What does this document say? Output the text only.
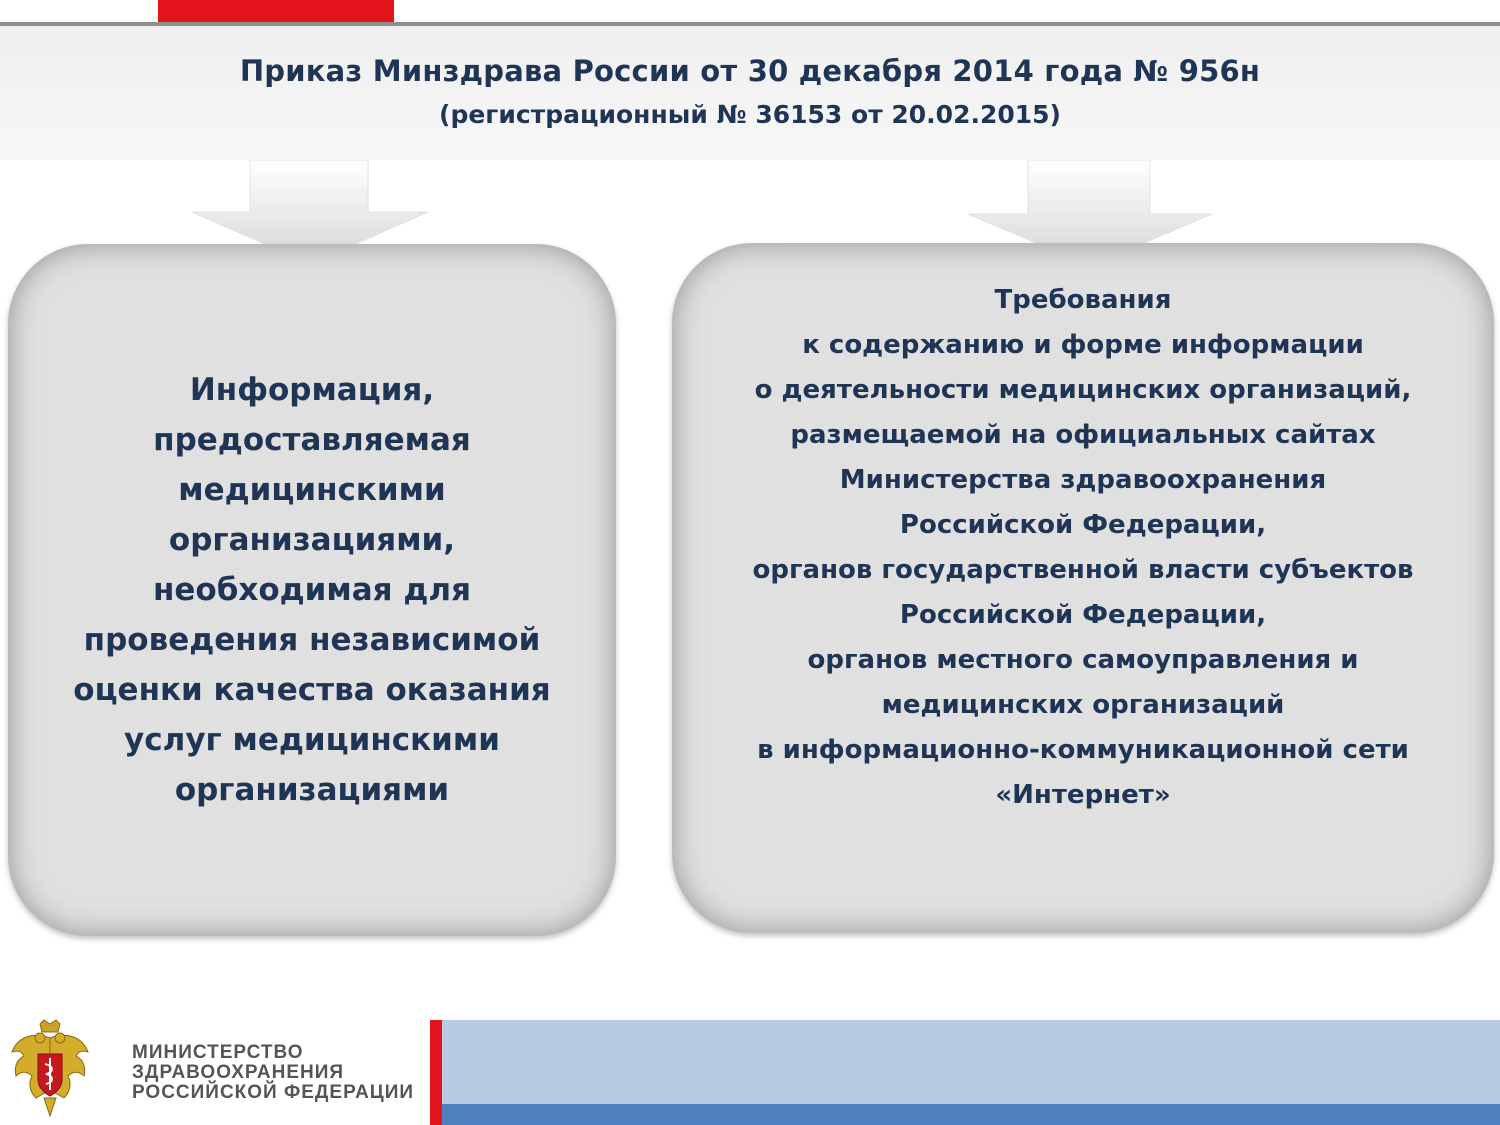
Приказ Минздрава России от 30 декабря 2014 года № 956н
(регистрационный № 36153 от 20.02.2015)
Информация,
предоставляемая
медицинскими
организациями,
необходимая для
проведения независимой
оценки качества оказания
услуг медицинскими
организациями
Требования
к содержанию и форме информации
о деятельности медицинских организаций,
размещаемой на официальных сайтах
Министерства здравоохранения
Российской Федерации,
органов государственной власти субъектов
Российской Федерации,
органов местного самоуправления и
медицинских организаций
в информационно-коммуникационной сети
«Интернет»
МИНИСТЕРСТВО
ЗДРАВООХРАНЕНИЯ
РОССИЙСКОЙ ФЕДЕРАЦИИ
